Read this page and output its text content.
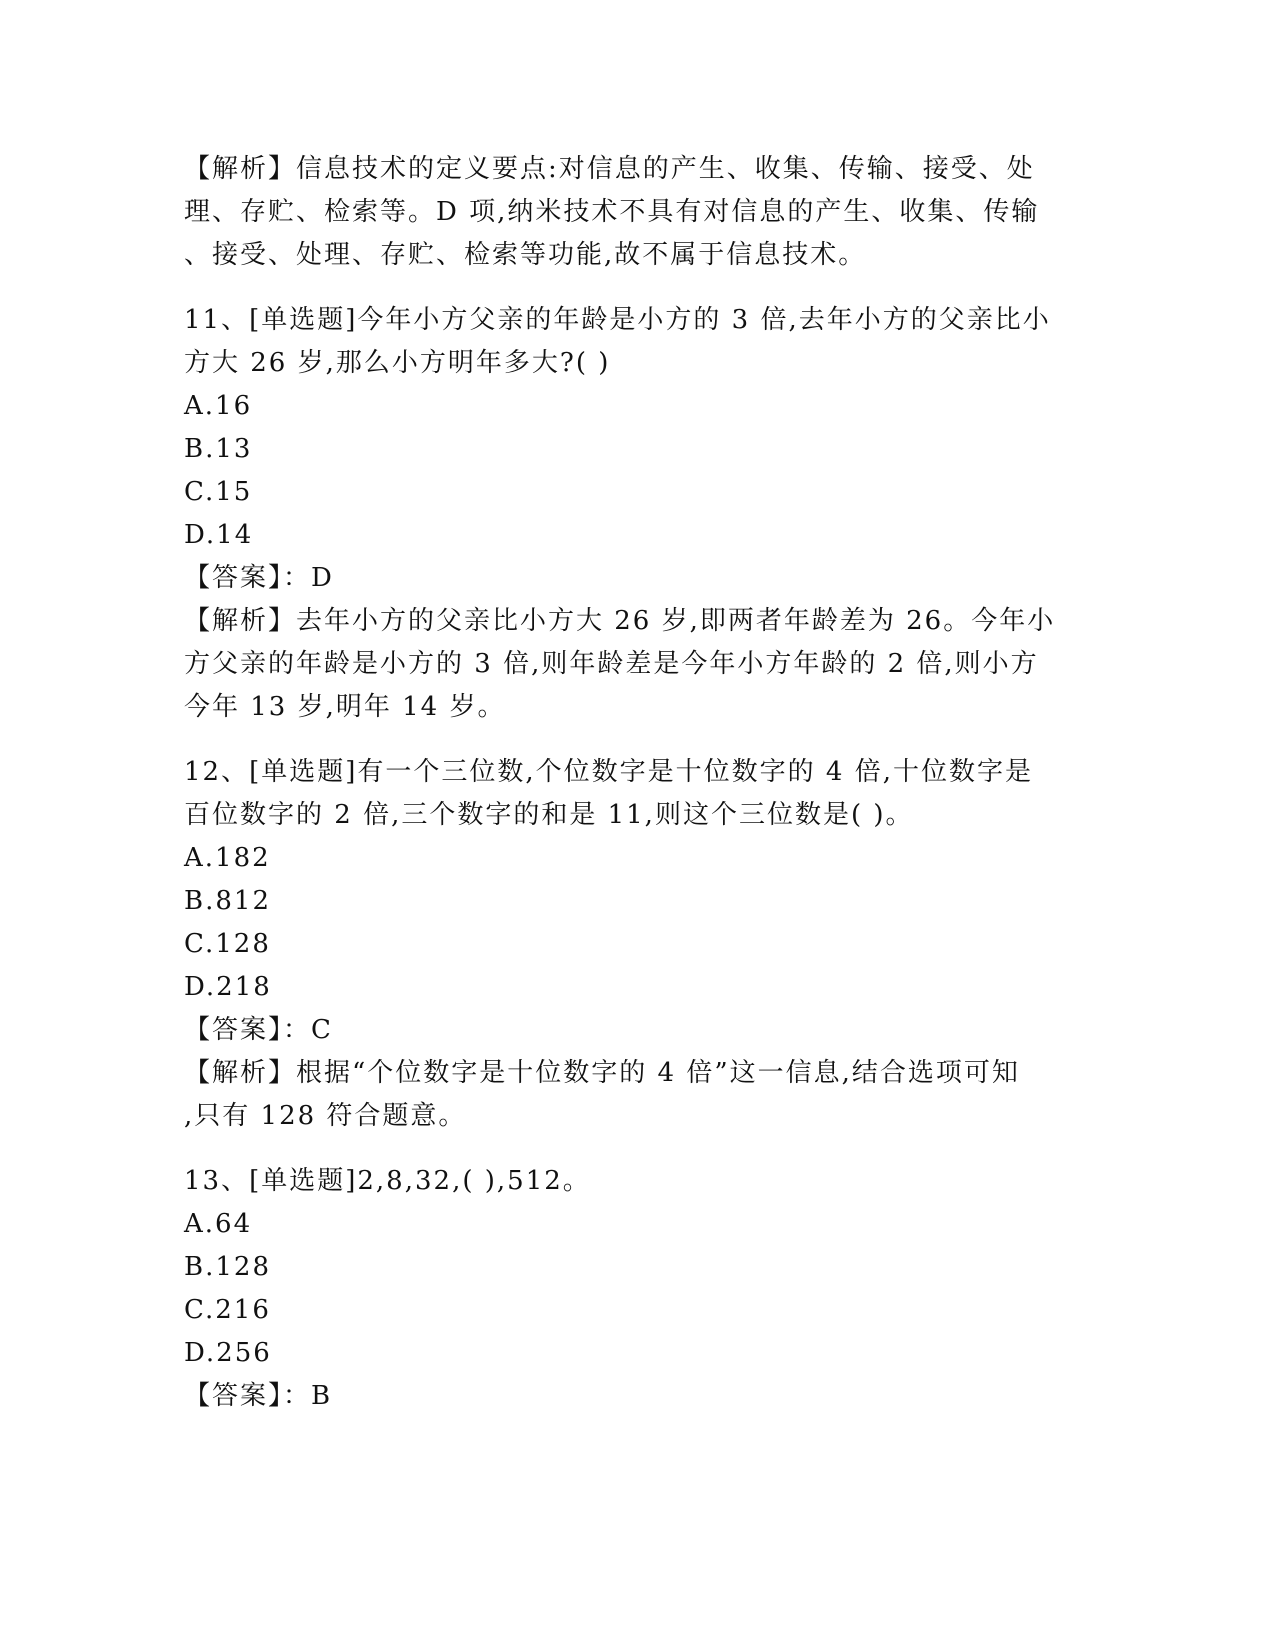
【解析】信息技术的定义要点:对信息的产生、收集、传输、接受、处
理、存贮、检索等。D 项,纳米技术不具有对信息的产生、收集、传输
、接受、处理、存贮、检索等功能,故不属于信息技术。
11、[单选题]今年小方父亲的年龄是小方的 3 倍,去年小方的父亲比小
方大 26 岁,那么小方明年多大?( )
A.16
B.13
C.15
D.14
【答案】：D
【解析】去年小方的父亲比小方大 26 岁,即两者年龄差为 26。今年小
方父亲的年龄是小方的 3 倍,则年龄差是今年小方年龄的 2 倍,则小方
今年 13 岁,明年 14 岁。
12、[单选题]有一个三位数,个位数字是十位数字的 4 倍,十位数字是
百位数字的 2 倍,三个数字的和是 11,则这个三位数是( )。
A.182
B.812
C.128
D.218
【答案】：C
【解析】根据“个位数字是十位数字的 4 倍”这一信息,结合选项可知
,只有 128 符合题意。
13、[单选题]2,8,32,( ),512。
A.64
B.128
C.216
D.256
【答案】：B
